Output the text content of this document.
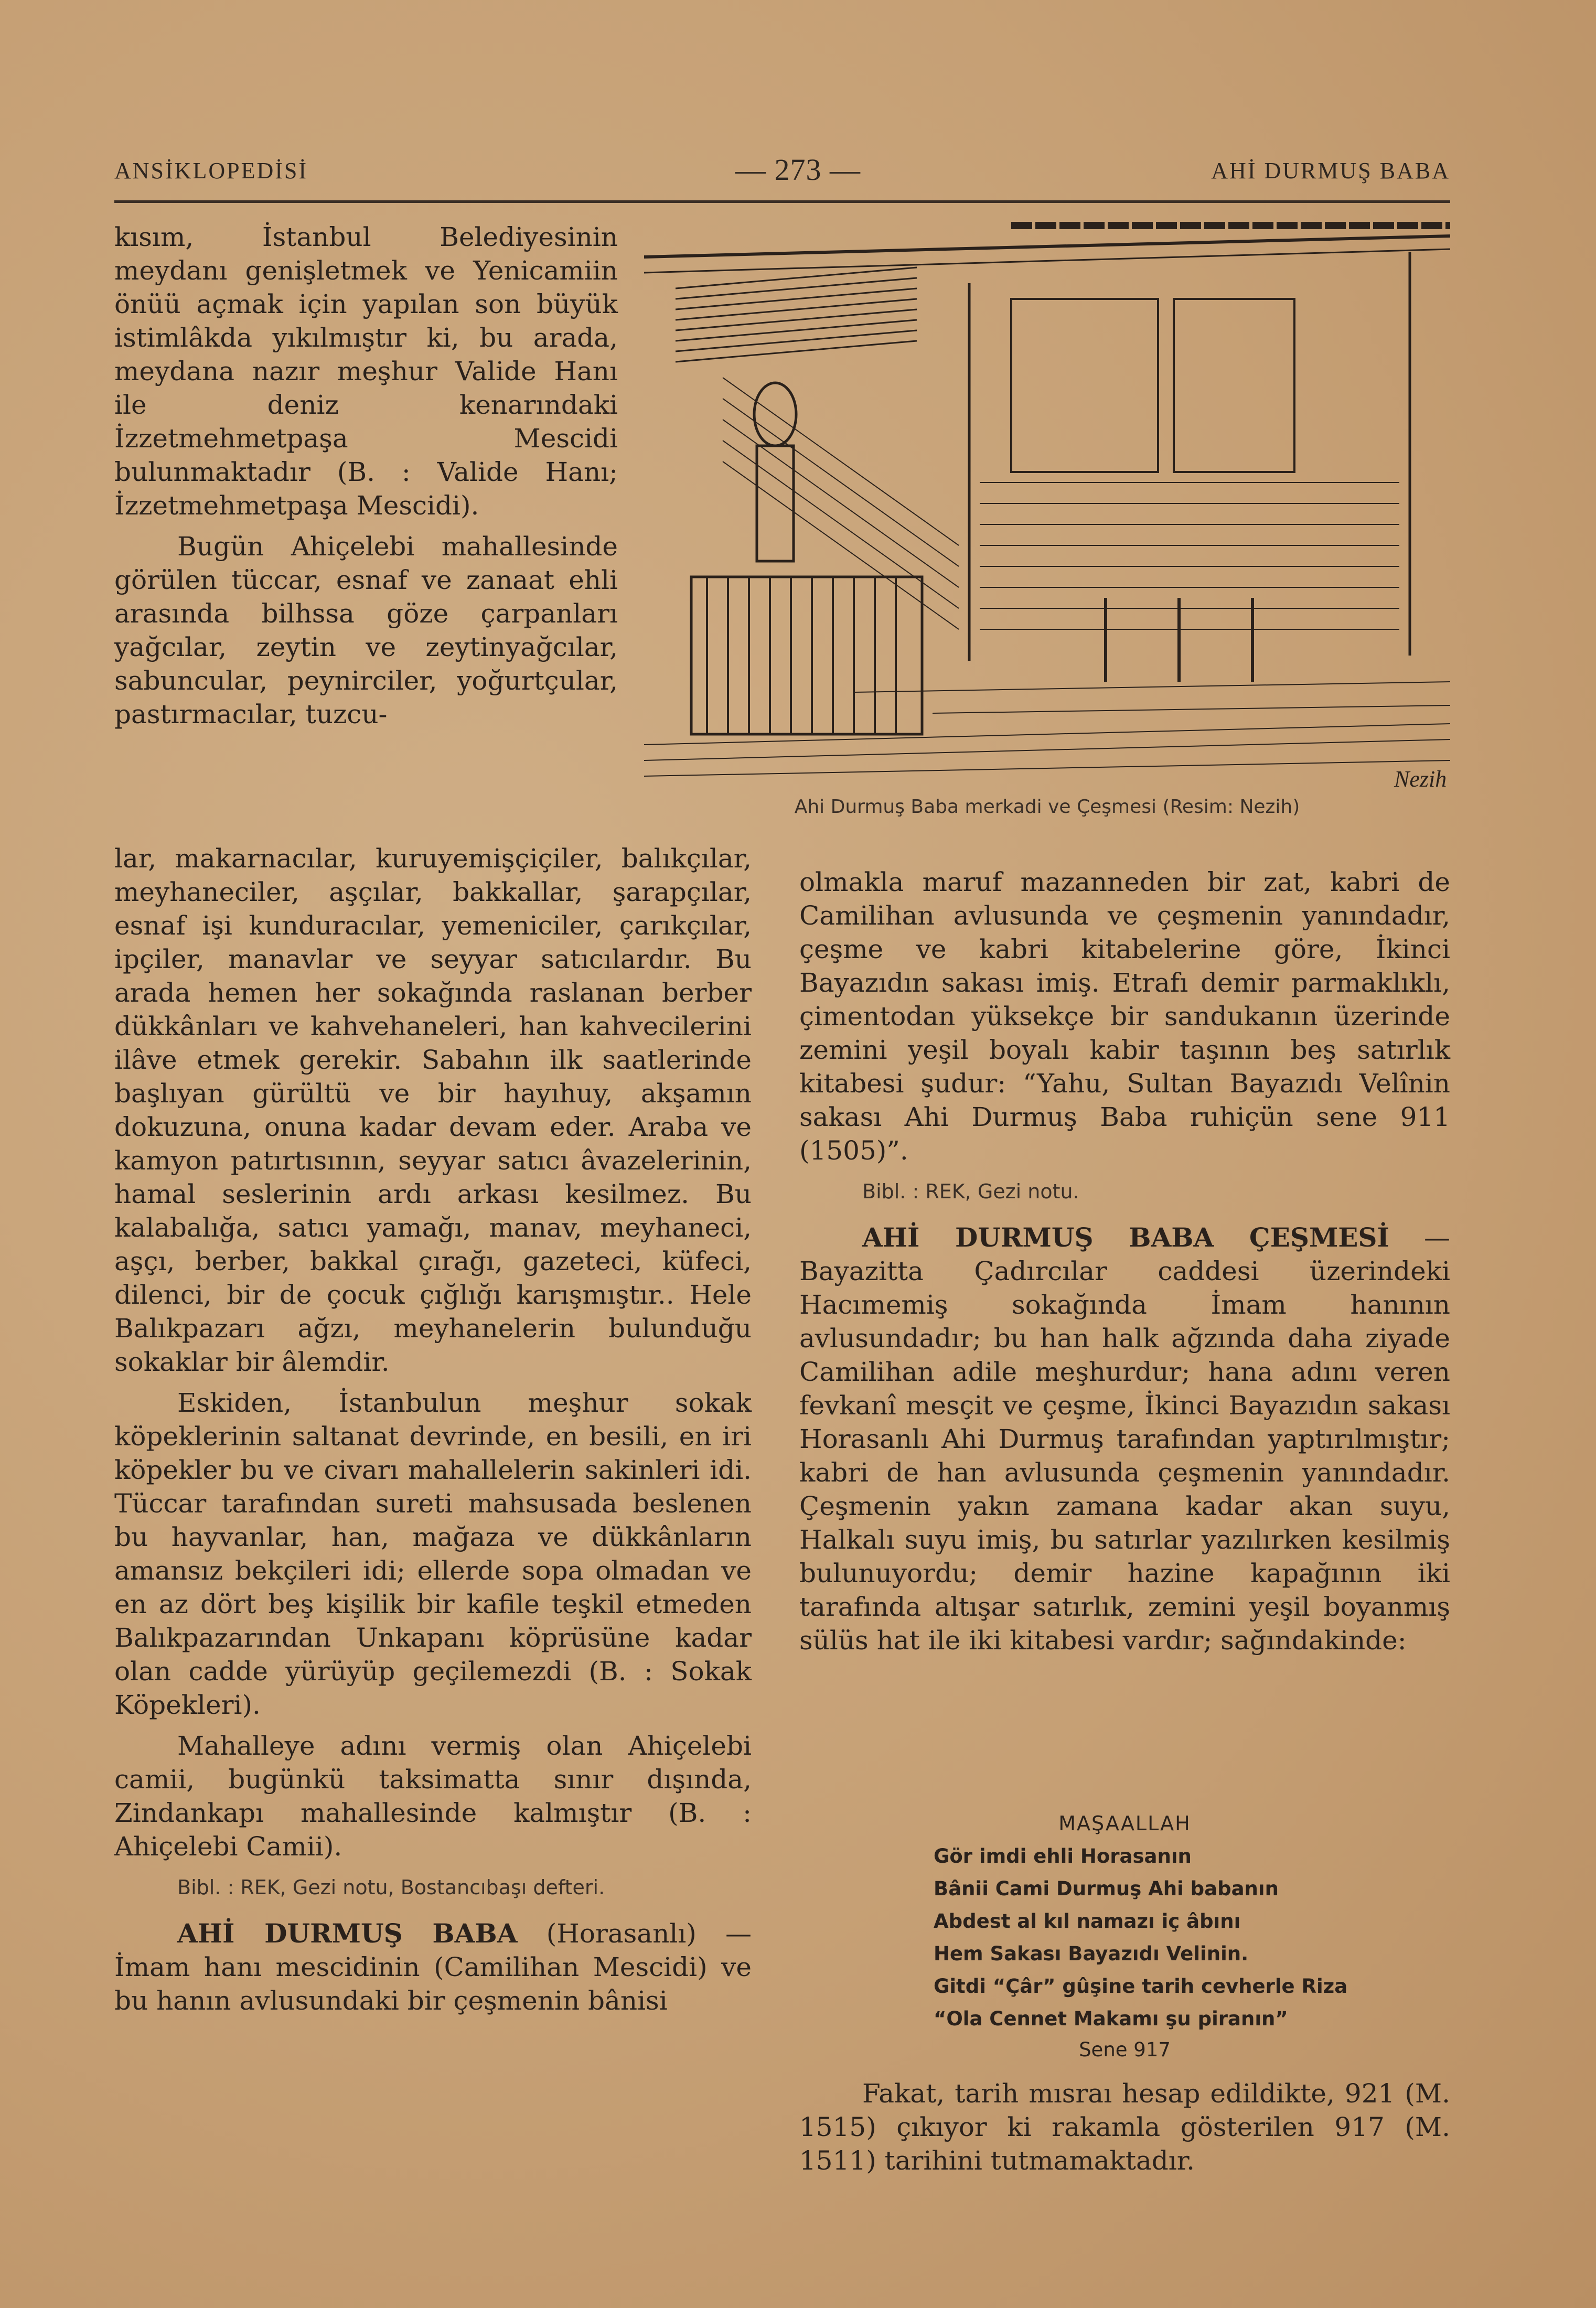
ANSİKLOPEDİSİ	— 273 —	AHİ DURMUŞ BABA

kısım, İstanbul Belediyesinin meydanı genişletmek ve Yenicamiin önüü açmak için yapılan son büyük istimlâkda yıkılmıştır ki, bu arada, meydana nazır meşhur Valide Hanı ile deniz kenarındaki İzzetmehmetpaşa Mescidi bulunmaktadır (B. : Valide Hanı; İzzetmehmetpaşa Mescidi).

Bugün Ahiçelebi mahallesinde görülen tüccar, esnaf ve zanaat ehli arasında bilhssa göze çarpanları yağcılar, zeytin ve zeytinyağcılar, sabuncular, peynirciler, yoğurtçular, pastırmacılar, tuzcu-

lar, makarnacılar, kuruyemişçiçiler, balıkçılar, meyhaneciler, aşçılar, bakkallar, şarapçılar, esnaf işi kunduracılar, yemeniciler, çarıkçılar, ipçiler, manavlar ve seyyar satıcılardır. Bu arada hemen her sokağında raslanan berber dükkânları ve kahvehaneleri, han kahvecilerini ilâve etmek gerekir. Sabahın ilk saatlerinde başlıyan gürültü ve bir hayıhuy, akşamın dokuzuna, onuna kadar devam eder. Araba ve kamyon patırtısının, seyyar satıcı âvazelerinin, hamal seslerinin ardı arkası kesilmez. Bu kalabalığa, satıcı yamağı, manav, meyhaneci, aşçı, berber, bakkal çırağı, gazeteci, küfeci, dilenci, bir de çocuk çığlığı karışmıştır.. Hele Balıkpazarı ağzı, meyhanelerin bulunduğu sokaklar bir âlemdir.

Eskiden, İstanbulun meşhur sokak köpeklerinin saltanat devrinde, en besili, en iri köpekler bu ve civarı mahallelerin sakinleri idi. Tüccar tarafından sureti mahsusada beslenen bu hayvanlar, han, mağaza ve dükkânların amansız bekçileri idi; ellerde sopa olmadan ve en az dört beş kişilik bir kafile teşkil etmeden Balıkpazarından Unkapanı köprüsüne kadar olan cadde yürüyüp geçilemezdi (B. : Sokak Köpekleri).

Mahalleye adını vermiş olan Ahiçelebi camii, bugünkü taksimatta sınır dışında, Zindankapı mahallesinde kalmıştır (B. : Ahiçelebi Camii).

Bibl. : REK, Gezi notu, Bostancıbaşı defteri.

AHİ DURMUŞ BABA (Horasanlı) — İmam hanı mescidinin (Camilihan Mescidi) ve bu hanın avlusundaki bir çeşmenin bânisi

Nezih
Ahi Durmuş Baba merkadi ve Çeşmesi (Resim: Nezih)

olmakla maruf mazanneden bir zat, kabri de Camilihan avlusunda ve çeşmenin yanındadır, çeşme ve kabri kitabelerine göre, İkinci Bayazıdın sakası imiş. Etrafı demir parmaklıklı, çimentodan yüksekçe bir sandukanın üzerinde zemini yeşil boyalı kabir taşının beş satırlık kitabesi şudur: “Yahu, Sultan Bayazıdı Velînin sakası Ahi Durmuş Baba ruhiçün sene 911 (1505)”.

Bibl. : REK, Gezi notu.

AHİ DURMUŞ BABA ÇEŞMESİ — Bayazitta Çadırcılar caddesi üzerindeki Hacımemiş sokağında İmam hanının avlusundadır; bu han halk ağzında daha ziyade Camilihan adile meşhurdur; hana adını veren fevkanî mesçit ve çeşme, İkinci Bayazıdın sakası Horasanlı Ahi Durmuş tarafından yaptırılmıştır; kabri de han avlusunda çeşmenin yanındadır. Çeşmenin yakın zamana kadar akan suyu, Halkalı suyu imiş, bu satırlar yazılırken kesilmiş bulunuyordu; demir hazine kapağının iki tarafında altışar satırlık, zemini yeşil boyanmış sülüs hat ile iki kitabesi vardır; sağındakinde:

MAŞAALLAH
Gör imdi ehli Horasanın
Bânii Cami Durmuş Ahi babanın
Abdest al kıl namazı iç âbını
Hem Sakası Bayazıdı Velinin.
Gitdi “Çâr” gûşine tarih cevherle Riza
“Ola Cennet Makamı şu piranın”
Sene 917

Fakat, tarih mısraı hesap edildikte, 921 (M. 1515) çıkıyor ki rakamla gösterilen 917 (M. 1511) tarihini tutmamaktadır.
